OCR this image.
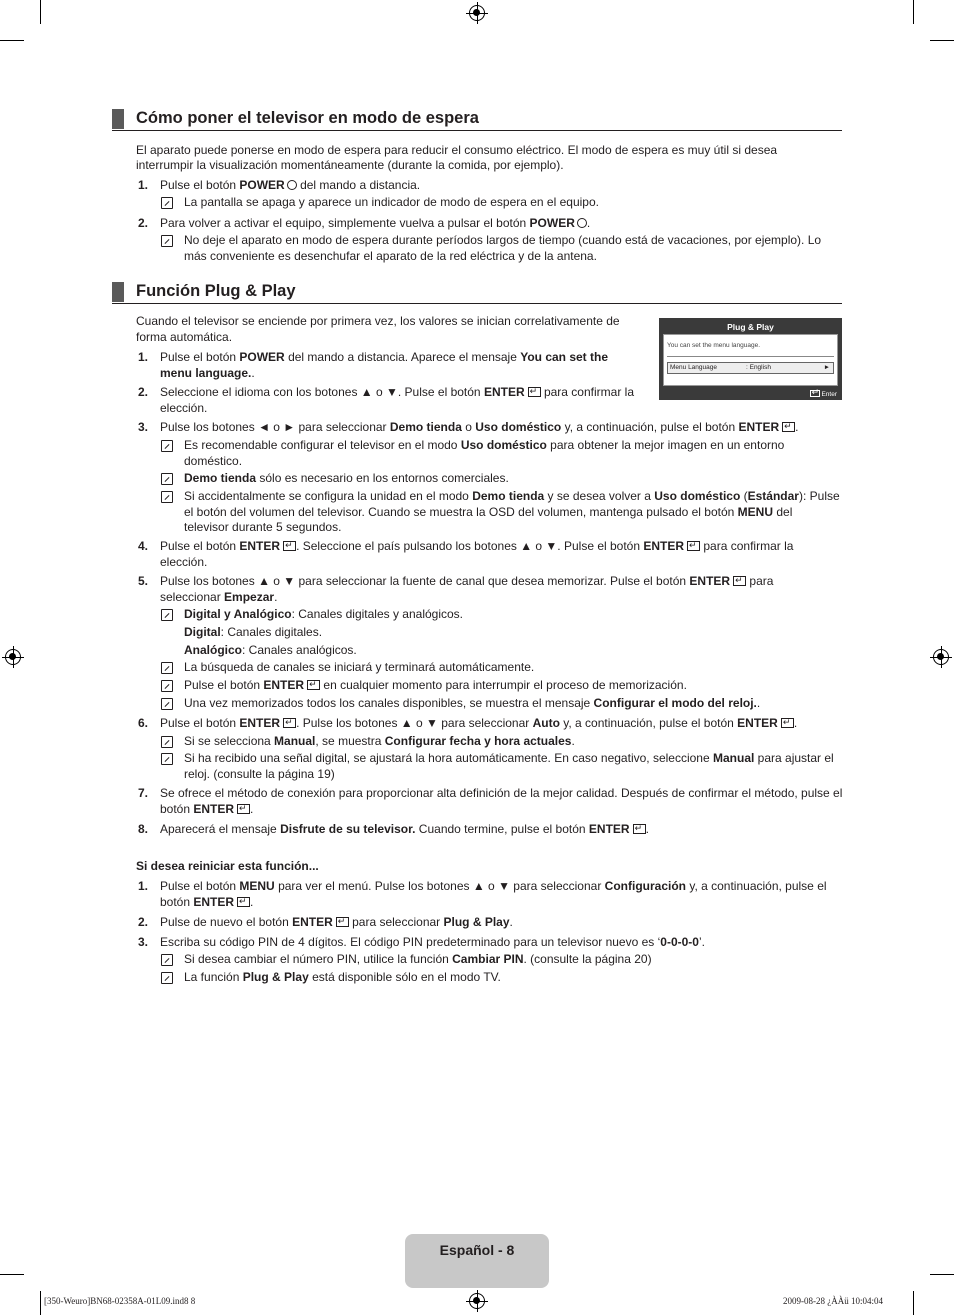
Cómo poner el televisor en modo de espera
El aparato puede ponerse en modo de espera para reducir el consumo eléctrico. El modo de espera es muy útil si desea
interrumpir la visualización momentáneamente (durante la comida, por ejemplo).
1. Pulse el botón POWER del mando a distancia.
La pantalla se apaga y aparece un indicador de modo de espera en el equipo.
2. Para volver a activar el equipo, simplemente vuelva a pulsar el botón POWER .
No deje el aparato en modo de espera durante períodos largos de tiempo (cuando está de vacaciones, por ejemplo). Lo
más conveniente es desenchufar el aparato de la red eléctrica y de la antena.
Función Plug & Play
Cuando el televisor se enciende por primera vez, los valores se inician correlativamente de
forma automática.
Plug & Play
You can set the menu language.
Menu Language	: English	►
↵ Enter
1. Pulse el botón POWER del mando a distancia. Aparece el mensaje You can set the menu language..
2. Seleccione el idioma con los botones ▲ o ▼. Pulse el botón ENTER↵ para confirmar la elección.
3. Pulse los botones ◄ o ► para seleccionar Demo tienda o Uso doméstico y, a continuación, pulse el botón ENTER ↵ .
Es recomendable configurar el televisor en el modo Uso doméstico para obtener la mejor imagen en un entorno doméstico.
Demo tienda sólo es necesario en los entornos comerciales.
Si accidentalmente se configura la unidad en el modo Demo tienda y se desea volver a Uso doméstico (Estándar): Pulse el botón del volumen del televisor. Cuando se muestra la OSD del volumen, mantenga pulsado el botón MENU del televisor durante 5 segundos.
4. Pulse el botón ENTER ↵ . Seleccione el país pulsando los botones ▲ o ▼. Pulse el botón ENTER↵ para confirmar la elección.
5. Pulse los botones ▲ o ▼ para seleccionar la fuente de canal que desea memorizar. Pulse el botón ENTER↵ para seleccionar Empezar.
Digital y Analógico: Canales digitales y analógicos.
Digital: Canales digitales.
Analógico: Canales analógicos.
La búsqueda de canales se iniciará y terminará automáticamente.
Pulse el botón ENTER↵ en cualquier momento para interrumpir el proceso de memorización.
Una vez memorizados todos los canales disponibles, se muestra el mensaje Configurar el modo del reloj..
6. Pulse el botón ENTER ↵ . Pulse los botones ▲ o ▼ para seleccionar Auto y, a continuación, pulse el botón ENTER ↵ .
Si se selecciona Manual, se muestra Configurar fecha y hora actuales.
Si ha recibido una señal digital, se ajustará la hora automáticamente. En caso negativo, seleccione Manual para ajustar el reloj. (consulte la página 19)
7. Se ofrece el método de conexión para proporcionar alta definición de la mejor calidad. Después de confirmar el método, pulse el botón ENTER ↵ .
8. Aparecerá el mensaje Disfrute de su televisor. Cuando termine, pulse el botón ENTER ↵ .
Si desea reiniciar esta función...
1. Pulse el botón MENU para ver el menú. Pulse los botones ▲ o ▼ para seleccionar Configuración y, a continuación, pulse el botón ENTER ↵ .
2. Pulse de nuevo el botón ENTER↵ para seleccionar Plug & Play.
3. Escriba su código PIN de 4 dígitos. El código PIN predeterminado para un televisor nuevo es ‘0-0-0-0’.
Si desea cambiar el número PIN, utilice la función Cambiar PIN. (consulte la página 20)
La función Plug & Play está disponible sólo en el modo TV.
Español - 8
[350-Weuro]BN68-02358A-01L09.ind8 8	2009-08-28 ¿ÀÀü 10:04:04
